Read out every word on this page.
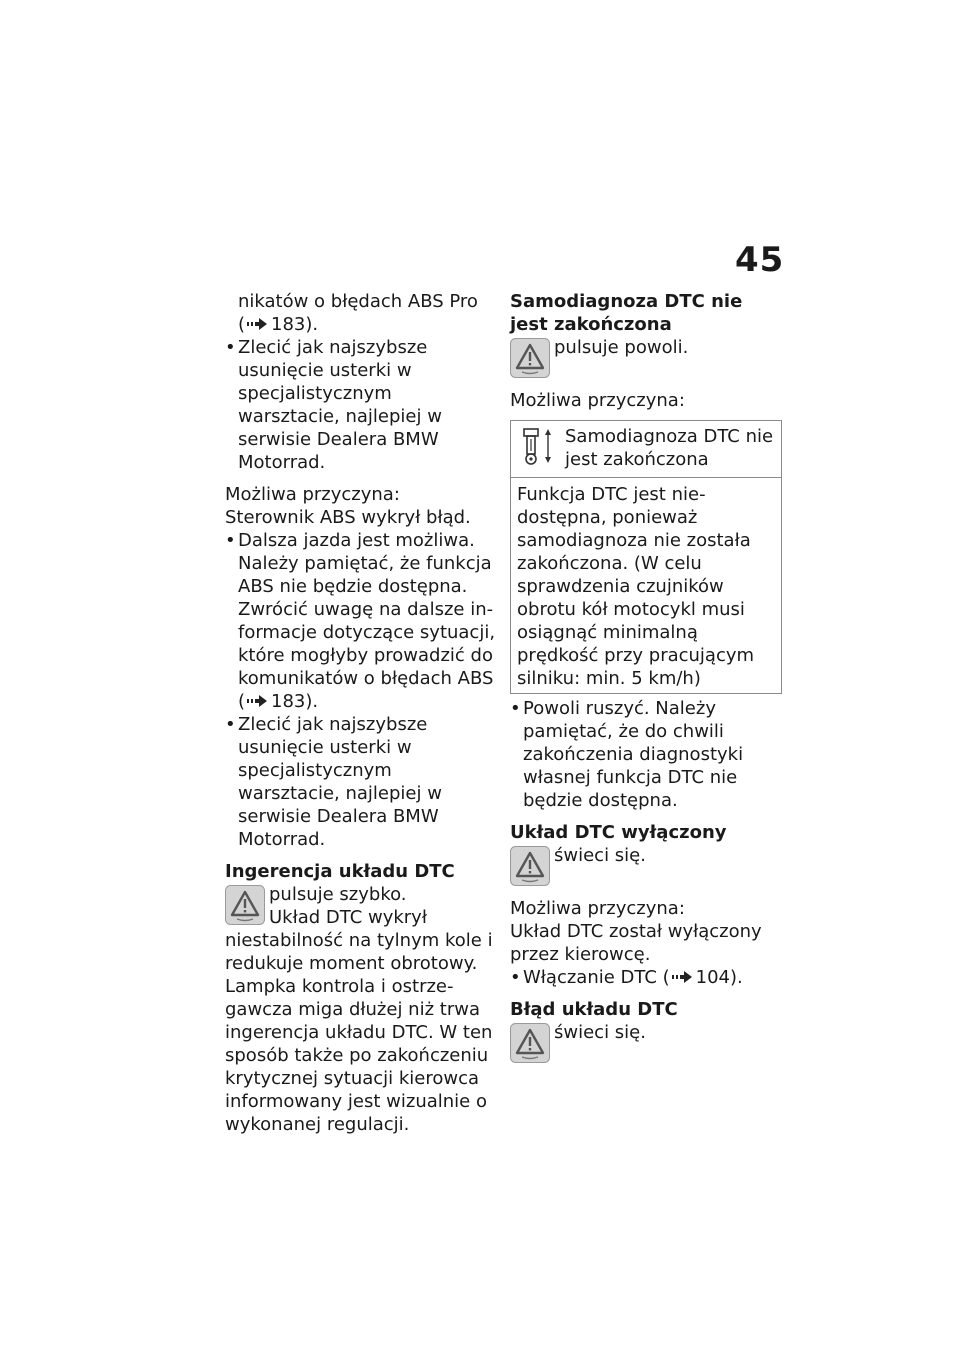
45

nikatów o błędach ABS Pro

( 183).

• Zlecić jak najszybsze usunięcie usterki w specjalistycznym warsztacie, najlepiej w serwisie Dealera BMW Motorrad.

Możliwa przyczyna:

Sterownik ABS wykrył błąd.

• Dalsza jazda jest możliwa. Należy pamiętać, że funkcja ABS nie będzie dostępna. Zwrócić uwagę na dalsze informacje dotyczące sytuacji, które mogłyby prowadzić do komunikatów o błędach ABS ( 183).

• Zlecić jak najszybsze usunięcie usterki w specjalistycznym warsztacie, najlepiej w serwisie Dealera BMW Motorrad.

Ingerencja układu DTC

pulsuje szybko.

Układ DTC wykrył niestabilność na tylnym kole i redukuje moment obrotowy. Lampka kontrola i ostrzegawcza miga dłużej niż trwa ingerencja układu DTC. W ten sposób także po zakończeniu krytycznej sytuacji kierowca informowany jest wizualnie o wykonanej regulacji.

Samodiagnoza DTC nie jest zakończona

pulsuje powoli.

Możliwa przyczyna:

Samodiagnoza DTC nie jest zakończona

Funkcja DTC jest niedostępna, ponieważ samodiagnoza nie została zakończona. (W celu sprawdzenia czujników obrotu kół motocykl musi osiągnąć minimalną prędkość przy pracującym silniku: min. 5 km/h)

• Powoli ruszyć. Należy pamiętać, że do chwili zakończenia diagnostyki własnej funkcja DTC nie będzie dostępna.

Układ DTC wyłączony

świeci się.

Możliwa przyczyna:

Układ DTC został wyłączony przez kierowcę.

• Włączanie DTC ( 104).

Błąd układu DTC

świeci się.
